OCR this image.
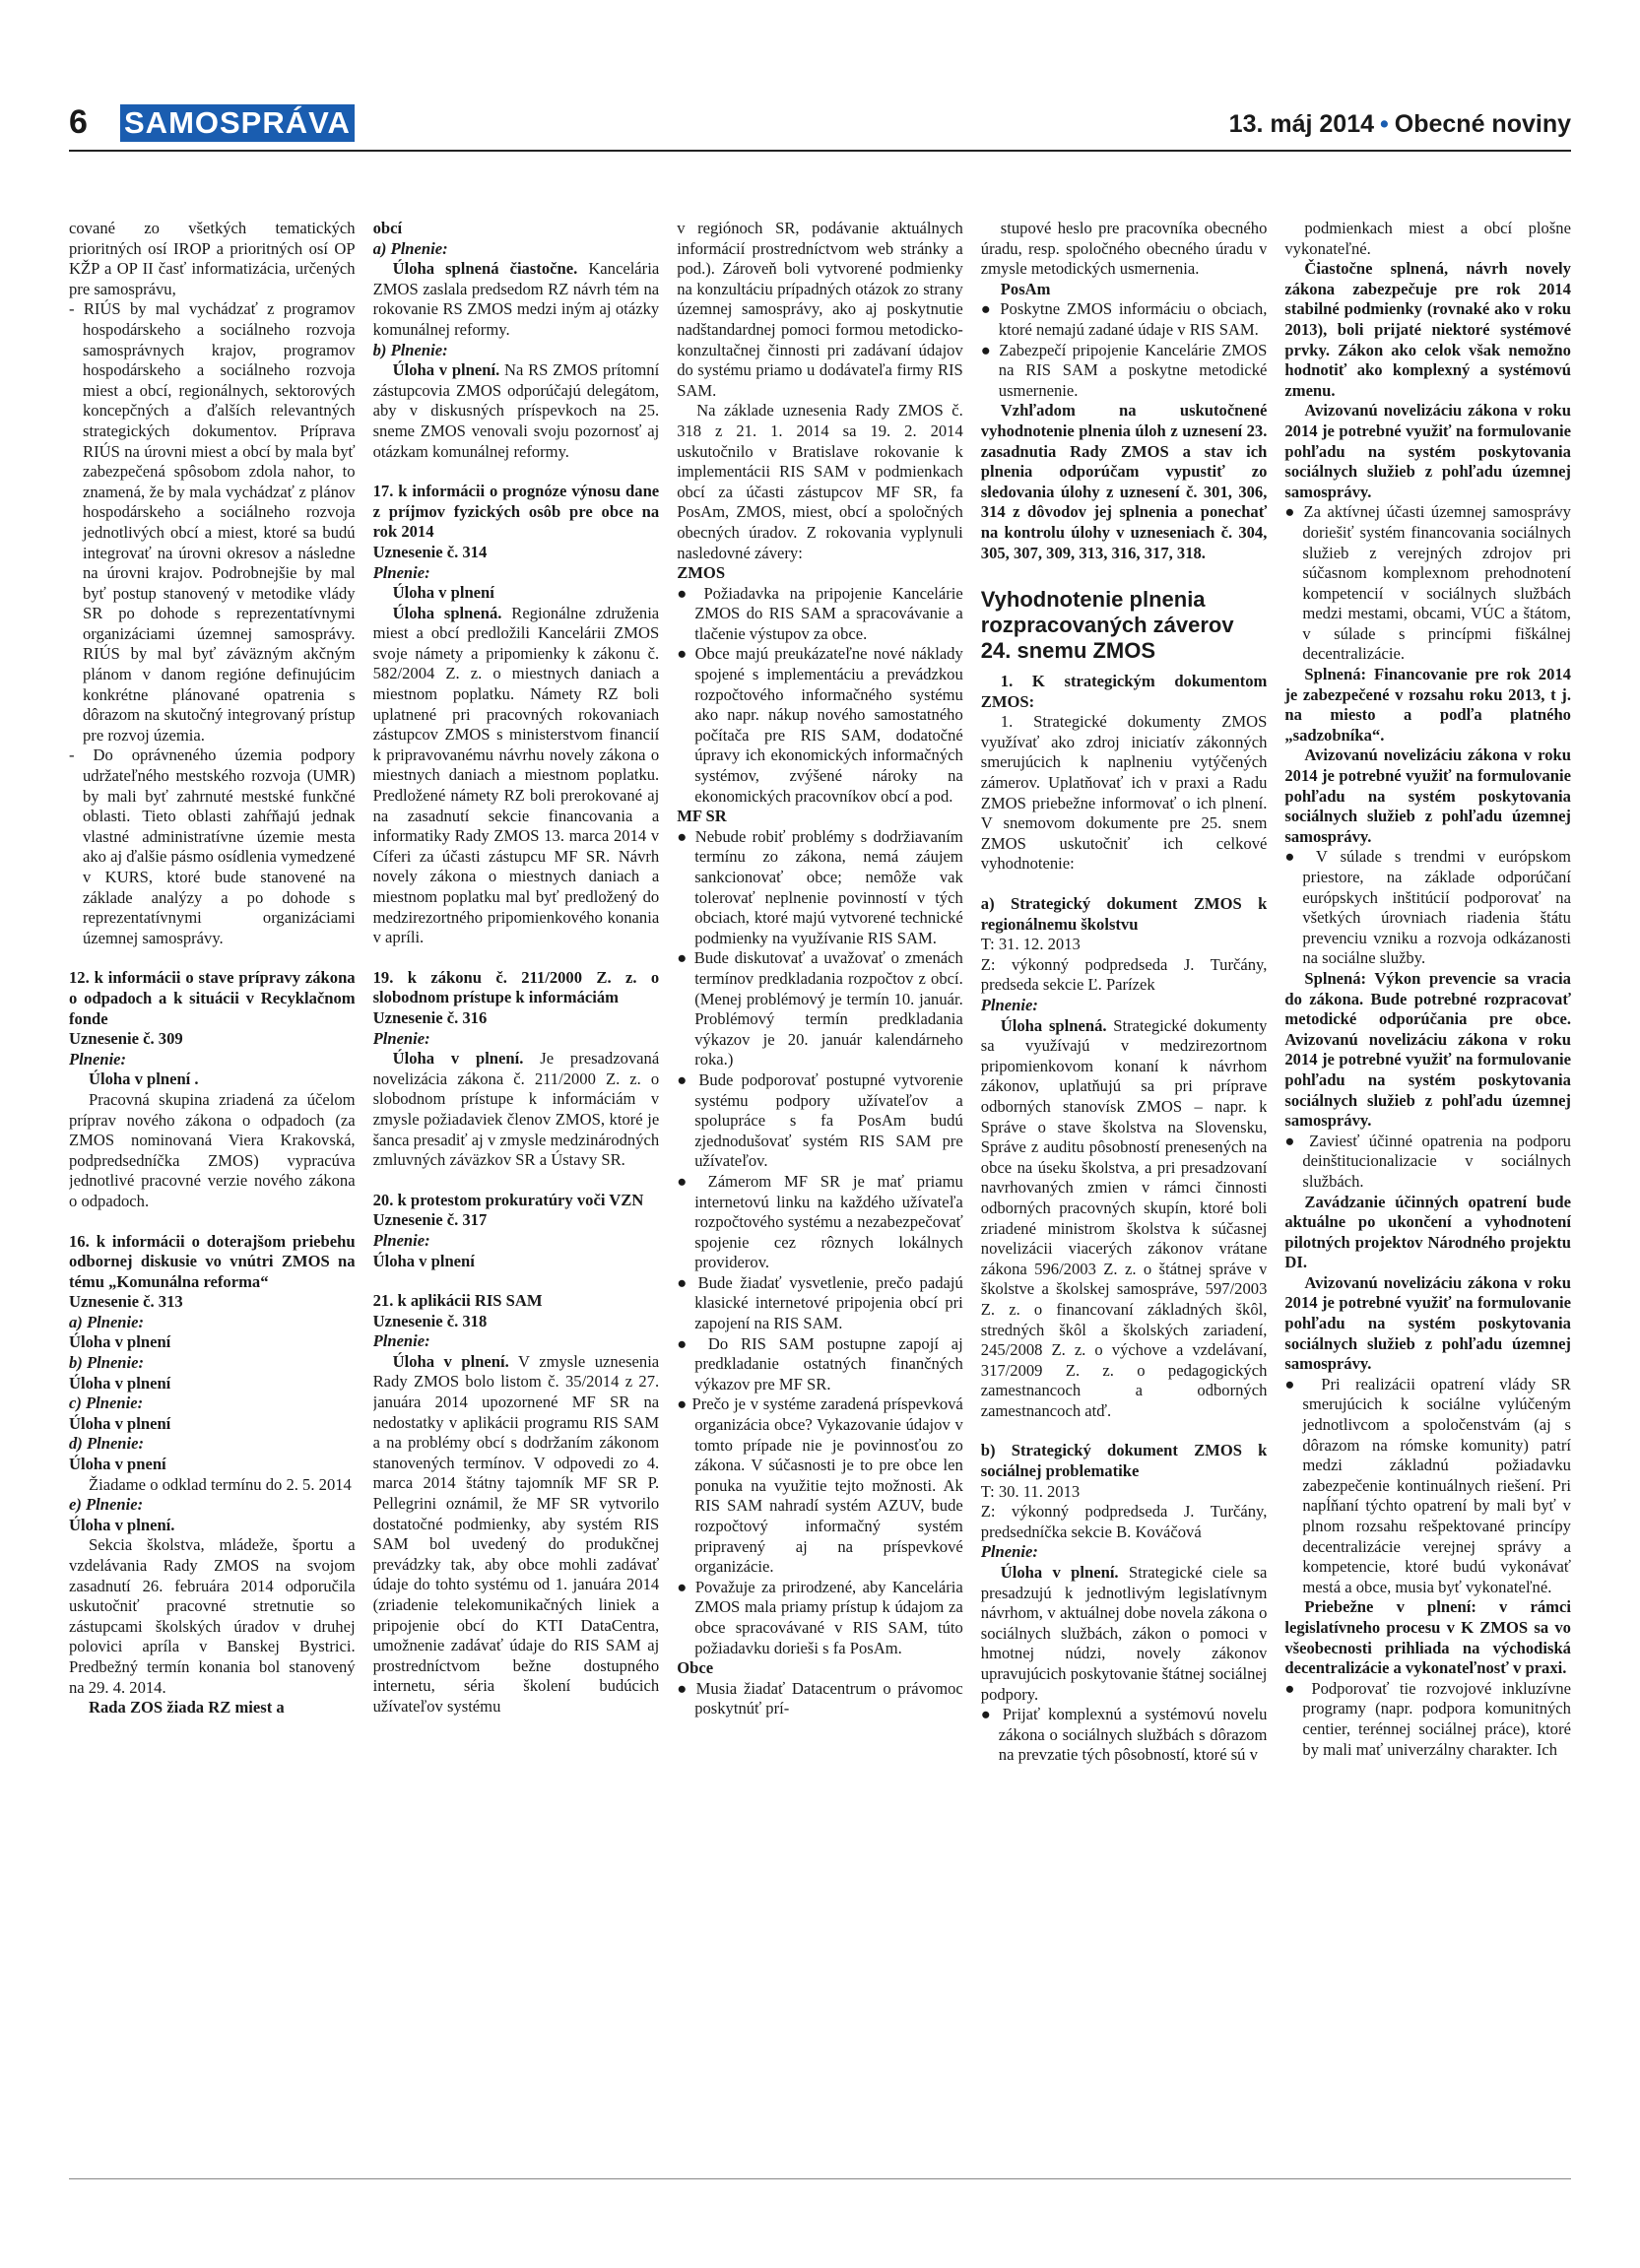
6 SAMOSPRÁVA	13. máj 2014 • Obecné noviny

cované zo všetkých tematických prioritných osí IROP a prioritných osí OP KŽP a OP II časť informatizácia, určených pre samosprávu,

- RIÚS by mal vychádzať z programov hospodárskeho a sociálneho rozvoja samosprávnych krajov, programov hospodárskeho a sociálneho rozvoja miest a obcí, regionálnych, sektorových koncepčných a ďalších relevantných strategických dokumentov. Príprava RIÚS na úrovni miest a obcí by mala byť zabezpečená spôsobom zdola nahor, to znamená, že by mala vychádzať z plánov hospodárskeho a sociálneho rozvoja jednotlivých obcí a miest, ktoré sa budú integrovať na úrovni okresov a následne na úrovni krajov. Podrobnejšie by mal byť postup stanovený v metodike vlády SR po dohode s reprezentatívnymi organizáciami územnej samosprávy. RIÚS by mal byť záväzným akčným plánom v danom regióne definujúcim konkrétne plánované opatrenia s dôrazom na skutočný integrovaný prístup pre rozvoj územia.

- Do oprávneného územia podpory udržateľného mestského rozvoja (UMR) by mali byť zahrnuté mestské funkčné oblasti. Tieto oblasti zahŕňajú jednak vlastné administratívne územie mesta ako aj ďalšie pásmo osídlenia vymedzené v KURS, ktoré bude stanovené na základe analýzy a po dohode s reprezentatívnymi organizáciami územnej samosprávy.

12. k informácii o stave prípravy zákona o odpadoch a k situácii v Recyklačnom fonde

Uznesenie č. 309

Plnenie:

Úloha v plnení .

Pracovná skupina zriadená za účelom príprav nového zákona o odpadoch (za ZMOS nominovaná Viera Krakovská, podpredsedníčka ZMOS) vypracúva jednotlivé pracovné verzie nového zákona o odpadoch.

16. k informácii o doterajšom priebehu odbornej diskusie vo vnútri ZMOS na tému „Komunálna reforma“

Uznesenie č. 313

a) Plnenie:

Úloha v plnení

b) Plnenie:

Úloha v plnení

c) Plnenie:

Úloha v plnení

d) Plnenie:

Úloha v pnení

Žiadame o odklad termínu do 2. 5. 2014

e) Plnenie:

Úloha v plnení.

Sekcia školstva, mládeže, športu a vzdelávania Rady ZMOS na svojom zasadnutí 26. februára 2014 odporučila uskutočniť pracovné stretnutie so zástupcami školských úradov v druhej polovici apríla v Banskej Bystrici. Predbežný termín konania bol stanovený na 29. 4. 2014.

Rada ZOS žiada RZ miest a

obcí

a) Plnenie:

Úloha splnená čiastočne. Kancelária ZMOS zaslala predsedom RZ návrh tém na rokovanie RS ZMOS medzi iným aj otázky komunálnej reformy.

b) Plnenie:

Úloha v plnení. Na RS ZMOS prítomní zástupcovia ZMOS odporúčajú delegátom, aby v diskusných príspevkoch na 25. sneme ZMOS venovali svoju pozornosť aj otázkam komunálnej reformy.

17. k informácii o prognóze výnosu dane z príjmov fyzických osôb pre obce na rok 2014

Uznesenie č. 314

Plnenie:

Úloha v plnení

Úloha splnená. Regionálne združenia miest a obcí predložili Kancelárii ZMOS svoje námety a pripomienky k zákonu č. 582/2004 Z. z. o miestnych daniach a miestnom poplatku. Námety RZ boli uplatnené pri pracovných rokovaniach zástupcov ZMOS s ministerstvom financií k pripravovanému návrhu novely zákona o miestnych daniach a miestnom poplatku. Predložené námety RZ boli prerokované aj na zasadnutí sekcie financovania a informatiky Rady ZMOS 13. marca 2014 v Cíferi za účasti zástupcu MF SR. Návrh novely zákona o miestnych daniach a miestnom poplatku mal byť predložený do medzirezortného pripomienkového konania v apríli.

19. k zákonu č. 211/2000 Z. z. o slobodnom prístupe k informáciám

Uznesenie č. 316

Plnenie:

Úloha v plnení. Je presadzovaná novelizácia zákona č. 211/2000 Z. z. o slobodnom prístupe k informáciám v zmysle požiadaviek členov ZMOS, ktoré je šanca presadiť aj v zmysle medzinárodných zmluvných záväzkov SR a Ústavy SR.

20. k protestom prokuratúry voči VZN

Uznesenie č. 317

Plnenie:

Úloha v plnení

21. k aplikácii RIS SAM

Uznesenie č. 318

Plnenie:

Úloha v plnení. V zmysle uznesenia Rady ZMOS bolo listom č. 35/2014 z 27. januára 2014 upozornené MF SR na nedostatky v aplikácii programu RIS SAM a na problémy obcí s dodržaním zákonom stanovených termínov. V odpovedi zo 4. marca 2014 štátny tajomník MF SR P. Pellegrini oznámil, že MF SR vytvorilo dostatočné podmienky, aby systém RIS SAM bol uvedený do produkčnej prevádzky tak, aby obce mohli zadávať údaje do tohto systému od 1. januára 2014 (zriadenie telekomunikačných liniek a pripojenie obcí do KTI DataCentra, umožnenie zadávať údaje do RIS SAM aj prostredníctvom bežne dostupného internetu, séria školení budúcich užívateľov systému

v regiónoch SR, podávanie aktuálnych informácií prostredníctvom web stránky a pod.). Zároveň boli vytvorené podmienky na konzultáciu prípadných otázok zo strany územnej samosprávy, ako aj poskytnutie nadštandardnej pomoci formou metodicko-konzultačnej činnosti pri zadávaní údajov do systému priamo u dodávateľa firmy RIS SAM.

Na základe uznesenia Rady ZMOS č. 318 z 21. 1. 2014 sa 19. 2. 2014 uskutočnilo v Bratislave rokovanie k implementácii RIS SAM v podmienkach obcí za účasti zástupcov MF SR, fa PosAm, ZMOS, miest, obcí a spoločných obecných úradov. Z rokovania vyplynuli nasledovné závery:

ZMOS

● Požiadavka na pripojenie Kancelárie ZMOS do RIS SAM a spracovávanie a tlačenie výstupov za obce.

● Obce majú preukázateľne nové náklady spojené s implementáciu a prevádzkou rozpočtového informačného systému ako napr. nákup nového samostatného počítača pre RIS SAM, dodatočné úpravy ich ekonomických informačných systémov, zvýšené nároky na ekonomických pracovníkov obcí a pod.

MF SR

● Nebude robiť problémy s dodržiavaním termínu zo zákona, nemá záujem sankcionovať obce; nemôže vak tolerovať neplnenie povinností v tých obciach, ktoré majú vytvorené technické podmienky na využívanie RIS SAM.

● Bude diskutovať a uvažovať o zmenách termínov predkladania rozpočtov z obcí. (Menej problémový je termín 10. január. Problémový termín predkladania výkazov je 20. január kalendárneho roka.)

● Bude podporovať postupné vytvorenie systému podpory užívateľov a spolupráce s fa PosAm budú zjednodušovať systém RIS SAM pre užívateľov.

● Zámerom MF SR je mať priamu internetovú linku na každého užívateľa rozpočtového systému a nezabezpečovať spojenie cez rôznych lokálnych providerov.

● Bude žiadať vysvetlenie, prečo padajú klasické internetové pripojenia obcí pri zapojení na RIS SAM.

● Do RIS SAM postupne zapojí aj predkladanie ostatných finančných výkazov pre MF SR.

● Prečo je v systéme zaradená príspevková organizácia obce? Vykazovanie údajov v tomto prípade nie je povinnosťou zo zákona. V súčasnosti je to pre obce len ponuka na využitie tejto možnosti. Ak RIS SAM nahradí systém AZUV, bude rozpočtový informačný systém pripravený aj na príspevkové organizácie.

● Považuje za prirodzené, aby Kancelária ZMOS mala priamy prístup k údajom za obce spracovávané v RIS SAM, túto požiadavku dorieši s fa PosAm.

Obce

● Musia žiadať Datacentrum o právomoc poskytnúť prí-

stupové heslo pre pracovníka obecného úradu, resp. spoločného obecného úradu v zmysle metodických usmernenia.

PosAm

● Poskytne ZMOS informáciu o obciach, ktoré nemajú zadané údaje v RIS SAM.

● Zabezpečí pripojenie Kancelárie ZMOS na RIS SAM a poskytne metodické usmernenie.

Vzhľadom na uskutočnené vyhodnotenie plnenia úloh z uznesení 23. zasadnutia Rady ZMOS a stav ich plnenia odporúčam vypustiť zo sledovania úlohy z uznesení č. 301, 306, 314 z dôvodov jej splnenia a ponechať na kontrolu úlohy v uzneseniach č. 304, 305, 307, 309, 313, 316, 317, 318.

Vyhodnotenie plnenia rozpracovaných záverov 24. snemu ZMOS

1. K strategickým dokumentom ZMOS:

1. Strategické dokumenty ZMOS využívať ako zdroj iniciatív zákonných smerujúcich k naplneniu vytýčených zámerov. Uplatňovať ich v praxi a Radu ZMOS priebežne informovať o ich plnení. V snemovom dokumente pre 25. snem ZMOS uskutočniť ich celkové vyhodnotenie:

a) Strategický dokument ZMOS k regionálnemu školstvu

T: 31. 12. 2013

Z: výkonný podpredseda J. Turčány, predseda sekcie Ľ. Parízek

Plnenie:

Úloha splnená. Strategické dokumenty sa využívajú v medzirezortnom pripomienkovom konaní k návrhom zákonov, uplatňujú sa pri príprave odborných stanovísk ZMOS – napr. k Správe o stave školstva na Slovensku, Správe z auditu pôsobností prenesených na obce na úseku školstva, a pri presadzovaní navrhovaných zmien v rámci činnosti odborných pracovných skupín, ktoré boli zriadené ministrom školstva k súčasnej novelizácii viacerých zákonov vrátane zákona 596/2003 Z. z. o štátnej správe v školstve a školskej samospráve, 597/2003 Z. z. o financovaní základných škôl, stredných škôl a školských zariadení, 245/2008 Z. z. o výchove a vzdelávaní, 317/2009 Z. z. o pedagogických zamestnancoch a odborných zamestnancoch atď.

b) Strategický dokument ZMOS k sociálnej problematike

T: 30. 11. 2013

Z: výkonný podpredseda J. Turčány, predsedníčka sekcie B. Kováčová

Plnenie:

Úloha v plnení. Strategické ciele sa presadzujú k jednotlivým legislatívnym návrhom, v aktuálnej dobe novela zákona o sociálnych službách, zákon o pomoci v hmotnej núdzi, novely zákonov upravujúcich poskytovanie štátnej sociálnej podpory.

● Prijať komplexnú a systémovú novelu zákona o sociálnych službách s dôrazom na prevzatie tých pôsobností, ktoré sú v

podmienkach miest a obcí plošne vykonateľné.

Čiastočne splnená, návrh novely zákona zabezpečuje pre rok 2014 stabilné podmienky (rovnaké ako v roku 2013), boli prijaté niektoré systémové prvky. Zákon ako celok však nemožno hodnotiť ako komplexný a systémovú zmenu.

Avizovanú novelizáciu zákona v roku 2014 je potrebné využiť na formulovanie pohľadu na systém poskytovania sociálnych služieb z pohľadu územnej samosprávy.

● Za aktívnej účasti územnej samosprávy doriešiť systém financovania sociálnych služieb z verejných zdrojov pri súčasnom komplexnom prehodnotení kompetencií v sociálnych službách medzi mestami, obcami, VÚC a štátom, v súlade s princípmi fiškálnej decentralizácie.

Splnená: Financovanie pre rok 2014 je zabezpečené v rozsahu roku 2013, t j. na miesto a podľa platného „sadzobníka“.

Avizovanú novelizáciu zákona v roku 2014 je potrebné využiť na formulovanie pohľadu na systém poskytovania sociálnych služieb z pohľadu územnej samosprávy.

● V súlade s trendmi v európskom priestore, na základe odporúčaní európskych inštitúcií podporovať na všetkých úrovniach riadenia štátu prevenciu vzniku a rozvoja odkázanosti na sociálne služby.

Splnená: Výkon prevencie sa vracia do zákona. Bude potrebné rozpracovať metodické odporúčania pre obce. Avizovanú novelizáciu zákona v roku 2014 je potrebné využiť na formulovanie pohľadu na systém poskytovania sociálnych služieb z pohľadu územnej samosprávy.

● Zaviesť účinné opatrenia na podporu deinštitucionalizacie v sociálnych službách.

Zavádzanie účinných opatrení bude aktuálne po ukončení a vyhodnotení pilotných projektov Národného projektu DI.

Avizovanú novelizáciu zákona v roku 2014 je potrebné využiť na formulovanie pohľadu na systém poskytovania sociálnych služieb z pohľadu územnej samosprávy.

● Pri realizácii opatrení vlády SR smerujúcich k sociálne vylúčeným jednotlivcom a spoločenstvám (aj s dôrazom na rómske komunity) patrí medzi základnú požiadavku zabezpečenie kontinuálnych riešení. Pri napĺňaní týchto opatrení by mali byť v plnom rozsahu rešpektované princípy decentralizácie verejnej správy a kompetencie, ktoré budú vykonávať mestá a obce, musia byť vykonateľné.

Priebežne v plnení: v rámci legislatívneho procesu v K ZMOS sa vo všeobecnosti prihliada na východiská decentralizácie a vykonateľnosť v praxi.

● Podporovať tie rozvojové inkluzívne programy (napr. podpora komunitných centier, terénnej sociálnej práce), ktoré by mali mať univerzálny charakter. Ich
